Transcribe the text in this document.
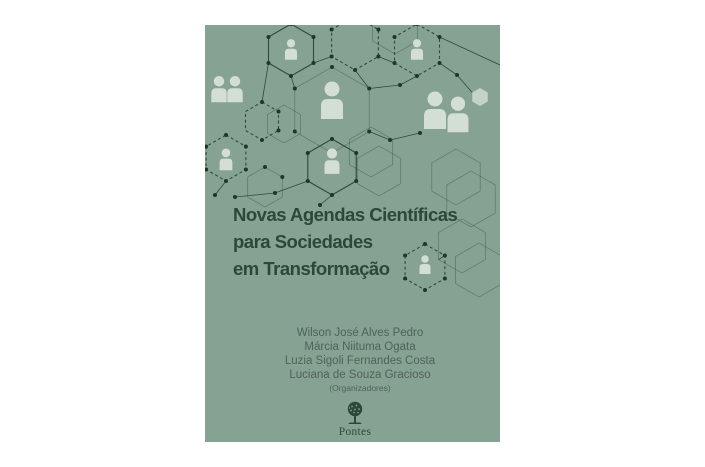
Novas Agendas Científicas
para Sociedades
em Transformação
Wilson José Alves Pedro
Márcia Niituma Ogata
Luzia Sigoli Fernandes Costa
Luciana de Souza Gracioso
(Organizadores)
Pontes
